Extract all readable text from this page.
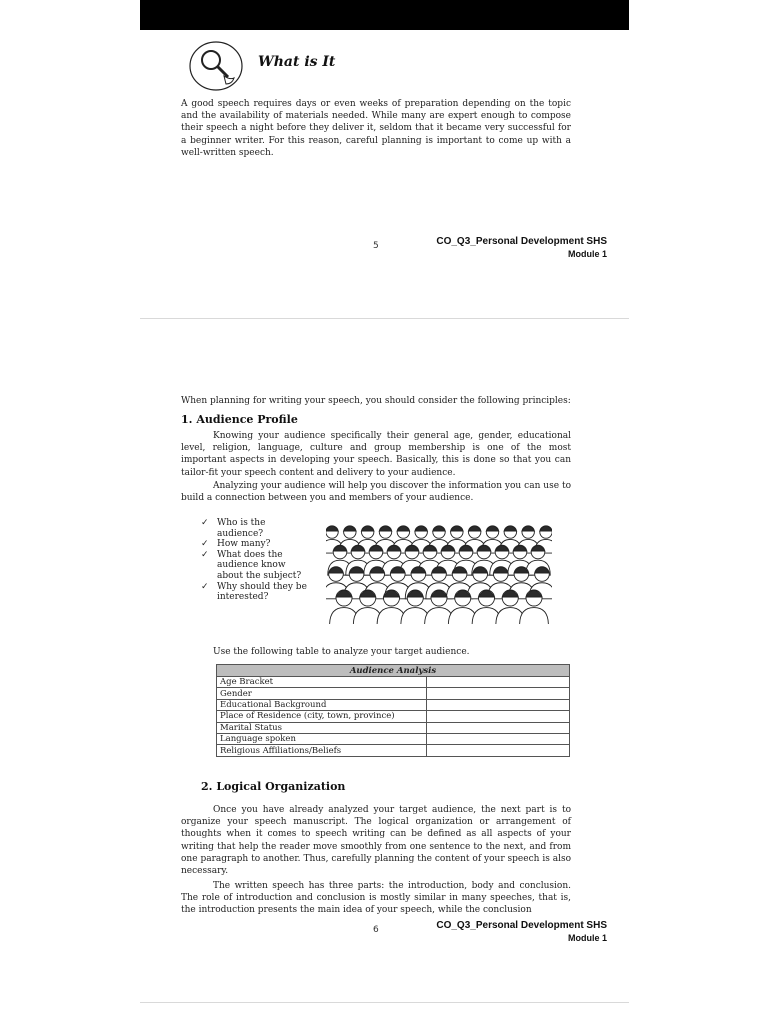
What is It
A good speech requires days or even weeks of preparation depending on the topic and the availability of materials needed. While many are expert enough to compose their speech a night before they deliver it, seldom that it became very successful for a beginner writer. For this reason, careful planning is important to come up with a well-written speech.
5	CO_Q3_Personal Development SHS
Module 1
When planning for writing your speech, you should consider the following principles:
1. Audience Profile
Knowing your audience specifically their general age, gender, educational level, religion, language, culture and group membership is one of the most important aspects in developing your speech. Basically, this is done so that you can tailor-fit your speech content and delivery to your audience.
Analyzing your audience will help you discover the information you can use to build a connection between you and members of your audience.
✓ Who is the audience?
✓ How many?
✓ What does the audience know about the subject?
✓ Why should they be interested?
Use the following table to analyze your target audience.
Audience Analysis	
Age Bracket	
Gender	
Educational Background	
Place of Residence (city, town, province)	
Marital Status	
Language spoken	
Religious Affiliations/Beliefs	
2. Logical Organization
Once you have already analyzed your target audience, the next part is to organize your speech manuscript. The logical organization or arrangement of thoughts when it comes to speech writing can be defined as all aspects of your writing that help the reader move smoothly from one sentence to the next, and from one paragraph to another. Thus, carefully planning the content of your speech is also necessary.
The written speech has three parts: the introduction, body and conclusion. The role of introduction and conclusion is mostly similar in many speeches, that is, the introduction presents the main idea of your speech, while the conclusion
6	CO_Q3_Personal Development SHS
Module 1
